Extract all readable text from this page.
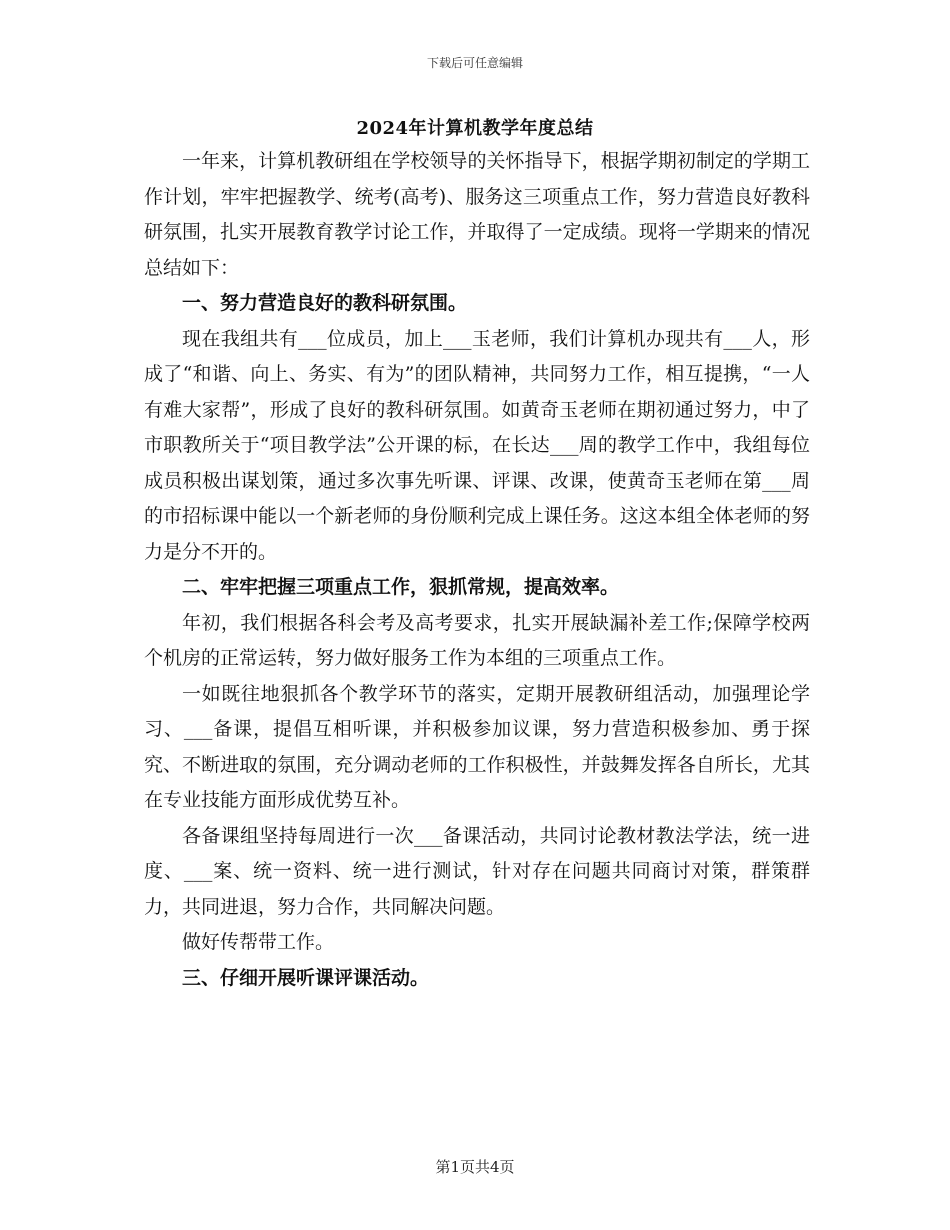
下载后可任意编辑
2024年计算机教学年度总结

一年来，计算机教研组在学校领导的关怀指导下，根据学期初制定的学期工作计划，牢牢把握教学、统考(高考)、服务这三项重点工作，努力营造良好教科研氛围，扎实开展教育教学讨论工作，并取得了一定成绩。现将一学期来的情况总结如下：

一、努力营造良好的教科研氛围。

现在我组共有___位成员，加上___玉老师，我们计算机办现共有___人，形成了“和谐、向上、务实、有为”的团队精神，共同努力工作，相互提携，“一人有难大家帮”，形成了良好的教科研氛围。如黄奇玉老师在期初通过努力，中了市职教所关于“项目教学法”公开课的标，在长达___周的教学工作中，我组每位成员积极出谋划策，通过多次事先听课、评课、改课，使黄奇玉老师在第___周的市招标课中能以一个新老师的身份顺利完成上课任务。这这本组全体老师的努力是分不开的。

二、牢牢把握三项重点工作，狠抓常规，提高效率。

年初，我们根据各科会考及高考要求，扎实开展缺漏补差工作;保障学校两个机房的正常运转，努力做好服务工作为本组的三项重点工作。

一如既往地狠抓各个教学环节的落实，定期开展教研组活动，加强理论学习、___备课，提倡互相听课，并积极参加议课，努力营造积极参加、勇于探究、不断进取的氛围，充分调动老师的工作积极性，并鼓舞发挥各自所长，尤其在专业技能方面形成优势互补。

各备课组坚持每周进行一次___备课活动，共同讨论教材教法学法，统一进度、___案、统一资料、统一进行测试，针对存在问题共同商讨对策，群策群力，共同进退，努力合作，共同解决问题。

做好传帮带工作。

三、仔细开展听课评课活动。

第1页共4页
